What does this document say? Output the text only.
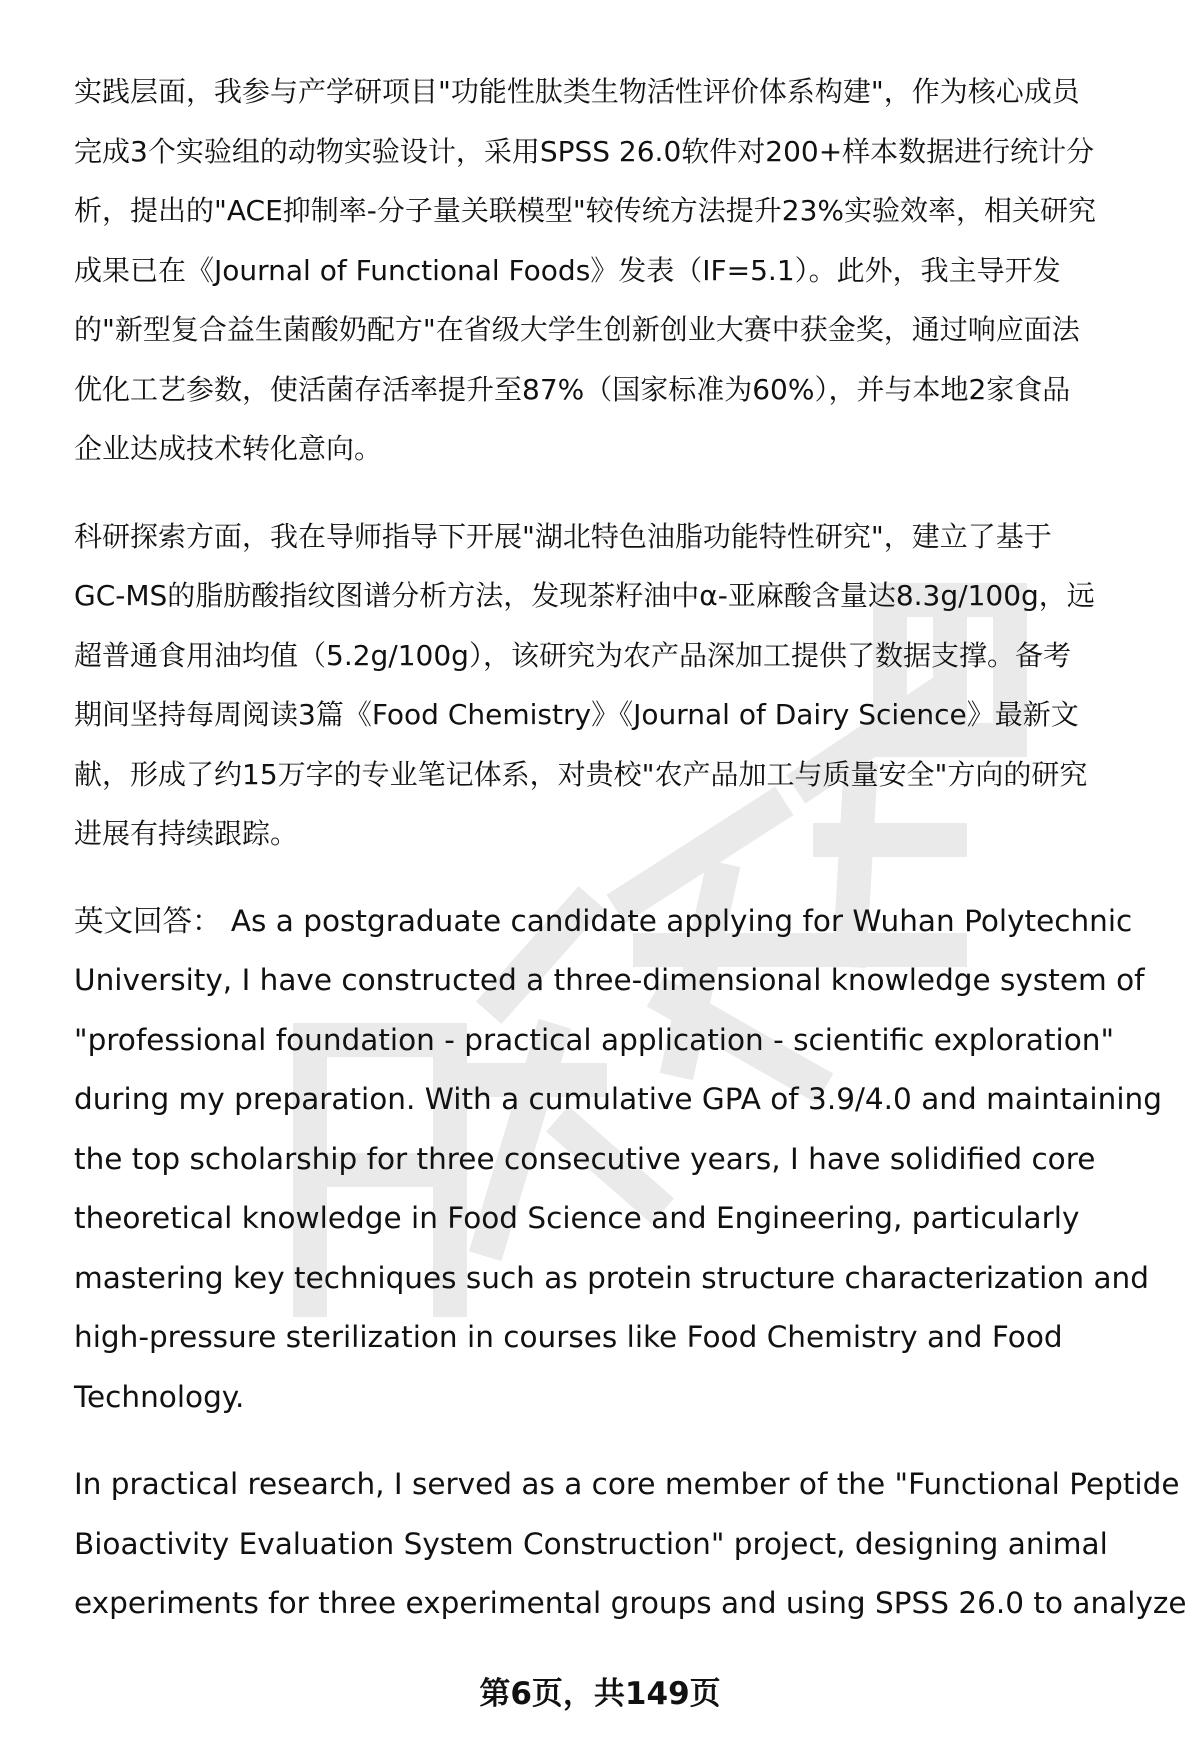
实践层面，我参与产学研项目"功能性肽类生物活性评价体系构建"，作为核心成员
完成3个实验组的动物实验设计，采用SPSS 26.0软件对200+样本数据进行统计分
析，提出的"ACE抑制率-分子量关联模型"较传统方法提升23%实验效率，相关研究
成果已在《Journal of Functional Foods》发表（IF=5.1）。此外，我主导开发
的"新型复合益生菌酸奶配方"在省级大学生创新创业大赛中获金奖，通过响应面法
优化工艺参数，使活菌存活率提升至87%（国家标准为60%），并与本地2家食品
企业达成技术转化意向。

科研探索方面，我在导师指导下开展"湖北特色油脂功能特性研究"，建立了基于
GC-MS的脂肪酸指纹图谱分析方法，发现茶籽油中α-亚麻酸含量达8.3g/100g，远
超普通食用油均值（5.2g/100g），该研究为农产品深加工提供了数据支撑。备考
期间坚持每周阅读3篇《Food Chemistry》《Journal of Dairy Science》最新文
献，形成了约15万字的专业笔记体系，对贵校"农产品加工与质量安全"方向的研究
进展有持续跟踪。

英文回答： As a postgraduate candidate applying for Wuhan Polytechnic
University, I have constructed a three-dimensional knowledge system of
"professional foundation - practical application - scientific exploration"
during my preparation. With a cumulative GPA of 3.9/4.0 and maintaining
the top scholarship for three consecutive years, I have solidified core
theoretical knowledge in Food Science and Engineering, particularly
mastering key techniques such as protein structure characterization and
high-pressure sterilization in courses like Food Chemistry and Food
Technology.

In practical research, I served as a core member of the "Functional Peptide
Bioactivity Evaluation System Construction" project, designing animal
experiments for three experimental groups and using SPSS 26.0 to analyze

第6页，共149页
